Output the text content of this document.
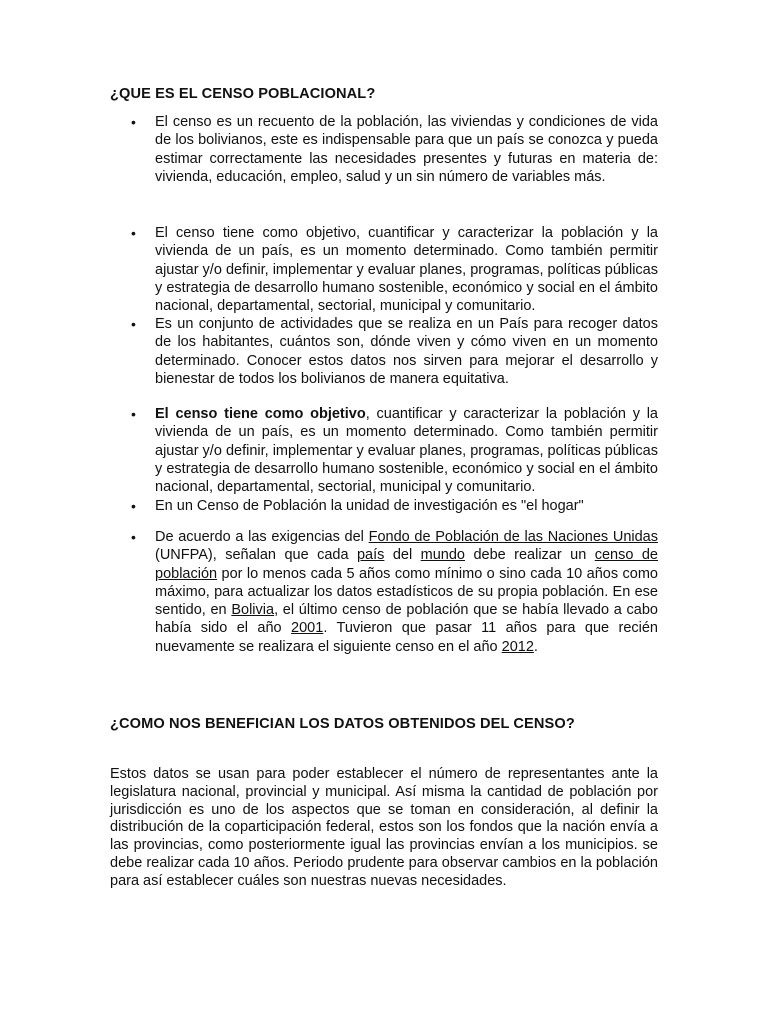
¿QUE ES EL CENSO POBLACIONAL?
• El censo es un recuento de la población, las viviendas y condiciones de vida de los bolivianos, este es indispensable para que un país se conozca y pueda estimar correctamente las necesidades presentes y futuras en materia de: vivienda, educación, empleo, salud y un sin número de variables más.

• El censo tiene como objetivo, cuantificar y caracterizar la población y la vivienda de un país, es un momento determinado. Como también permitir ajustar y/o definir, implementar y evaluar planes, programas, políticas públicas y estrategia de desarrollo humano sostenible, económico y social en el ámbito nacional, departamental, sectorial, municipal y comunitario.

• Es un conjunto de actividades que se realiza en un País para recoger datos de los habitantes, cuántos son, dónde viven y cómo viven en un momento determinado. Conocer estos datos nos sirven para mejorar el desarrollo y bienestar de todos los bolivianos de manera equitativa.

• El censo tiene como objetivo, cuantificar y caracterizar la población y la vivienda de un país, es un momento determinado. Como también permitir ajustar y/o definir, implementar y evaluar planes, programas, políticas públicas y estrategia de desarrollo humano sostenible, económico y social en el ámbito nacional, departamental, sectorial, municipal y comunitario.

• En un Censo de Población la unidad de investigación es "el hogar"

• De acuerdo a las exigencias del Fondo de Población de las Naciones Unidas (UNFPA), señalan que cada país del mundo debe realizar un censo de población por lo menos cada 5 años como mínimo o sino cada 10 años como máximo, para actualizar los datos estadísticos de su propia población. En ese sentido, en Bolivia, el último censo de población que se había llevado a cabo había sido el año 2001. Tuvieron que pasar 11 años para que recién nuevamente se realizara el siguiente censo en el año 2012.

¿COMO NOS BENEFICIAN LOS DATOS OBTENIDOS DEL CENSO?

Estos datos se usan para poder establecer el número de representantes ante la legislatura nacional, provincial y municipal. Así misma la cantidad de población por jurisdicción es uno de los aspectos que se toman en consideración, al definir la distribución de la coparticipación federal, estos son los fondos que la nación envía a las provincias, como posteriormente igual las provincias envían a los municipios. se debe realizar cada 10 años. Periodo prudente para observar cambios en la población para así establecer cuáles son nuestras nuevas necesidades.
